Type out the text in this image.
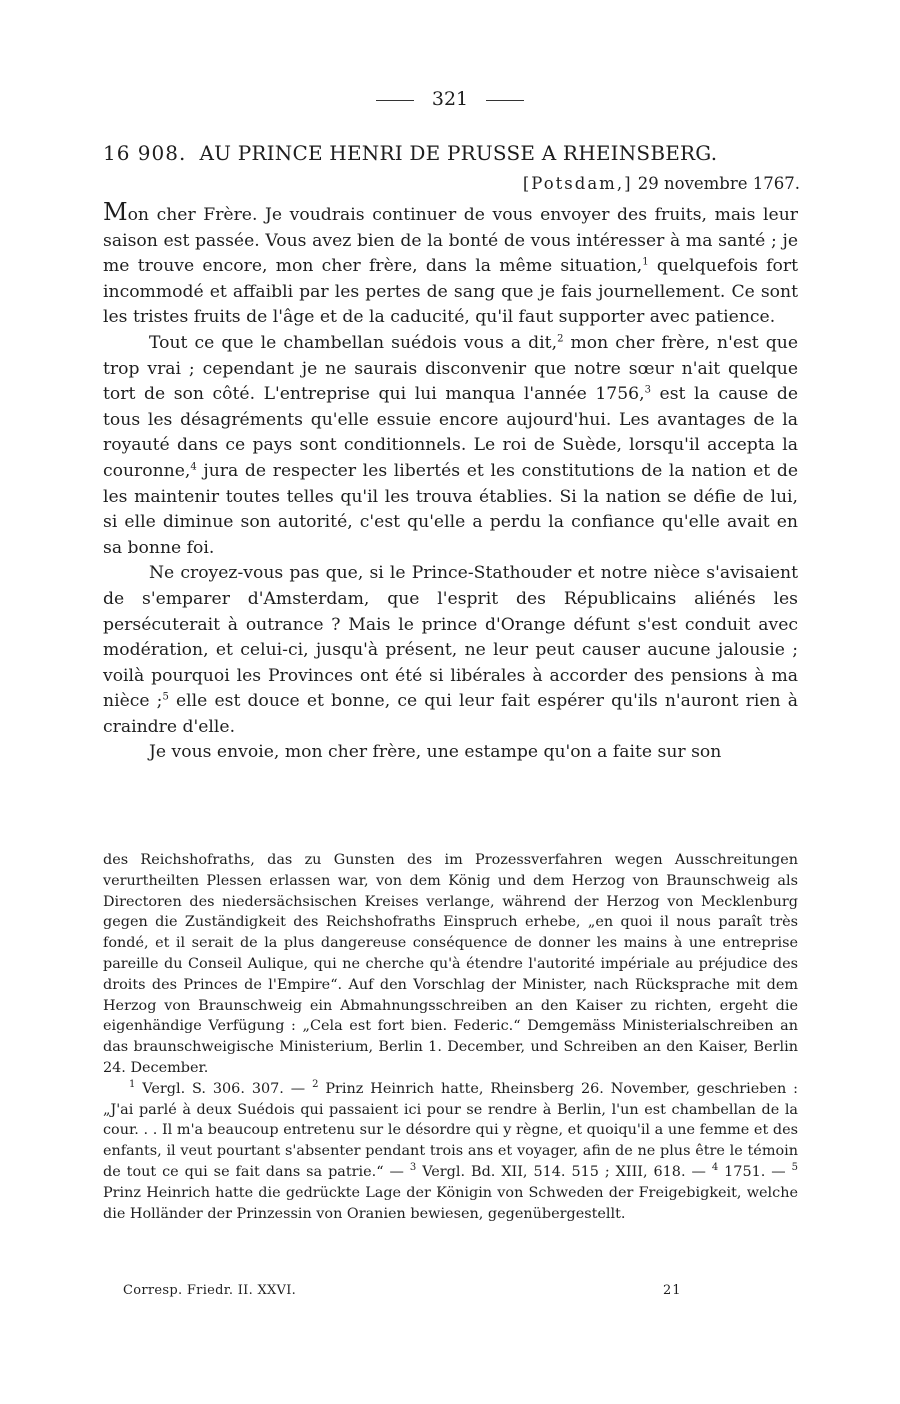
321
16 908. AU PRINCE HENRI DE PRUSSE A RHEINSBERG.
[Potsdam,] 29 novembre 1767.

Mon cher Frère. Je voudrais continuer de vous envoyer des fruits, mais leur saison est passée. Vous avez bien de la bonté de vous intéresser à ma santé ; je me trouve encore, mon cher frère, dans la même situation,$^1$ quelquefois fort incommodé et affaibli par les pertes de sang que je fais journellement. Ce sont les tristes fruits de l'âge et de la caducité, qu'il faut supporter avec patience.

Tout ce que le chambellan suédois vous a dit,$^2$ mon cher frère, n'est que trop vrai ; cependant je ne saurais disconvenir que notre sœur n'ait quelque tort de son côté. L'entreprise qui lui manqua l'année 1756,$^3$ est la cause de tous les désagréments qu'elle essuie encore aujourd'hui. Les avantages de la royauté dans ce pays sont conditionnels. Le roi de Suède, lorsqu'il accepta la couronne,$^4$ jura de respecter les libertés et les constitutions de la nation et de les maintenir toutes telles qu'il les trouva établies. Si la nation se défie de lui, si elle diminue son autorité, c'est qu'elle a perdu la confiance qu'elle avait en sa bonne foi.

Ne croyez-vous pas que, si le Prince-Stathouder et notre nièce s'avisaient de s'emparer d'Amsterdam, que l'esprit des Républicains aliénés les persécuterait à outrance ? Mais le prince d'Orange défunt s'est conduit avec modération, et celui-ci, jusqu'à présent, ne leur peut causer aucune jalousie ; voilà pourquoi les Provinces ont été si libérales à accorder des pensions à ma nièce ;$^5$ elle est douce et bonne, ce qui leur fait espérer qu'ils n'auront rien à craindre d'elle.

Je vous envoie, mon cher frère, une estampe qu'on a faite sur son

des Reichshofraths, das zu Gunsten des im Prozessverfahren wegen Ausschreitungen verurtheilten Plessen erlassen war, von dem König und dem Herzog von Braunschweig als Directoren des niedersächsischen Kreises verlange, während der Herzog von Mecklenburg gegen die Zuständigkeit des Reichshofraths Einspruch erhebe, „en quoi il nous paraît très fondé, et il serait de la plus dangereuse conséquence de donner les mains à une entreprise pareille du Conseil Aulique, qui ne cherche qu'à étendre l'autorité impériale au préjudice des droits des Princes de l'Empire“. Auf den Vorschlag der Minister, nach Rücksprache mit dem Herzog von Braunschweig ein Abmahnungsschreiben an den Kaiser zu richten, ergeht die eigenhändige Verfügung : „Cela est fort bien. Federic.“ Demgemäss Ministerialschreiben an das braunschweigische Ministerium, Berlin 1. December, und Schreiben an den Kaiser, Berlin 24. December.

$^1$ Vergl. S. 306. 307. — $^2$ Prinz Heinrich hatte, Rheinsberg 26. November, geschrieben : „J'ai parlé à deux Suédois qui passaient ici pour se rendre à Berlin, l'un est chambellan de la cour. . . Il m'a beaucoup entretenu sur le désordre qui y règne, et quoiqu'il a une femme et des enfants, il veut pourtant s'absenter pendant trois ans et voyager, afin de ne plus être le témoin de tout ce qui se fait dans sa patrie.“ — $^3$ Vergl. Bd. XII, 514. 515 ; XIII, 618. — $^4$ 1751. — $^5$ Prinz Heinrich hatte die gedrückte Lage der Königin von Schweden der Freigebigkeit, welche die Holländer der Prinzessin von Oranien bewiesen, gegenübergestellt.

Corresp. Friedr. II. XXVI.	21
